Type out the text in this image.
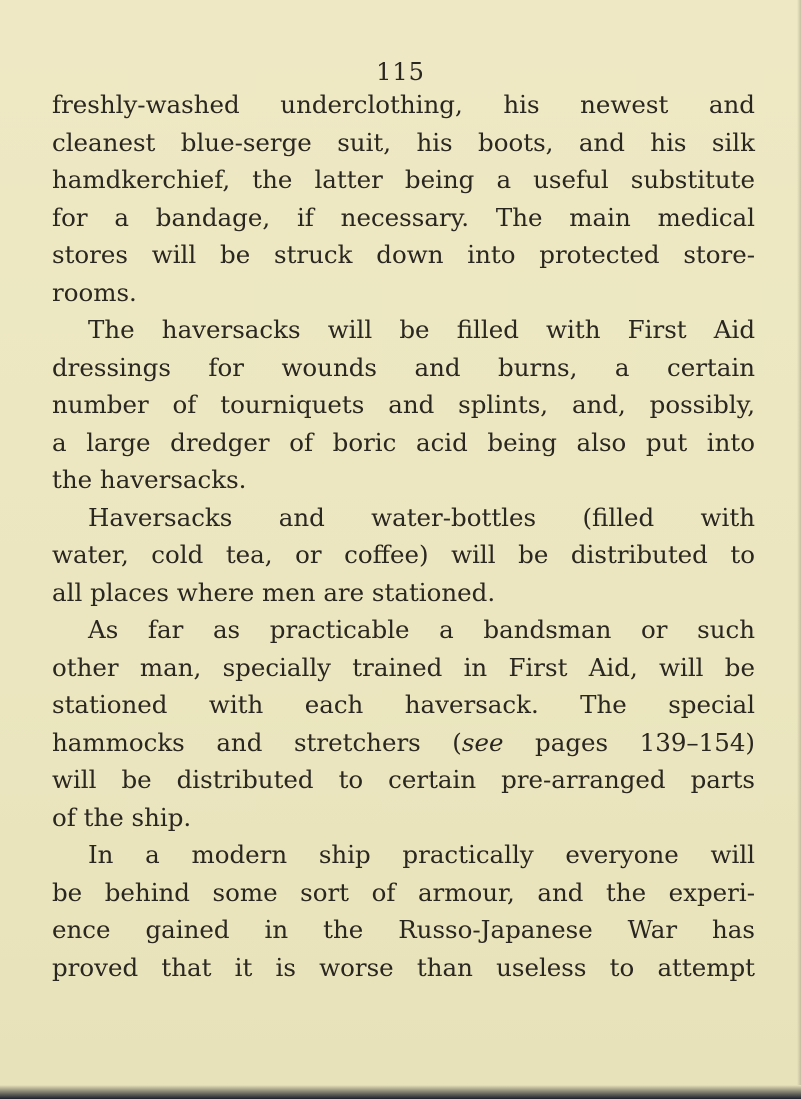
115
freshly-washed underclothing, his newest and
cleanest blue-serge suit, his boots, and his silk
hamdkerchief, the latter being a useful substitute
for a bandage, if necessary. The main medical
stores will be struck down into protected store-
rooms.
The haversacks will be filled with First Aid
dressings for wounds and burns, a certain
number of tourniquets and splints, and, possibly,
a large dredger of boric acid being also put into
the haversacks.
Haversacks and water-bottles (filled with
water, cold tea, or coffee) will be distributed to
all places where men are stationed.
As far as practicable a bandsman or such
other man, specially trained in First Aid, will be
stationed with each haversack. The special
hammocks and stretchers (see pages 139–154)
will be distributed to certain pre-arranged parts
of the ship.
In a modern ship practically everyone will
be behind some sort of armour, and the experi-
ence gained in the Russo-Japanese War has
proved that it is worse than useless to attempt
